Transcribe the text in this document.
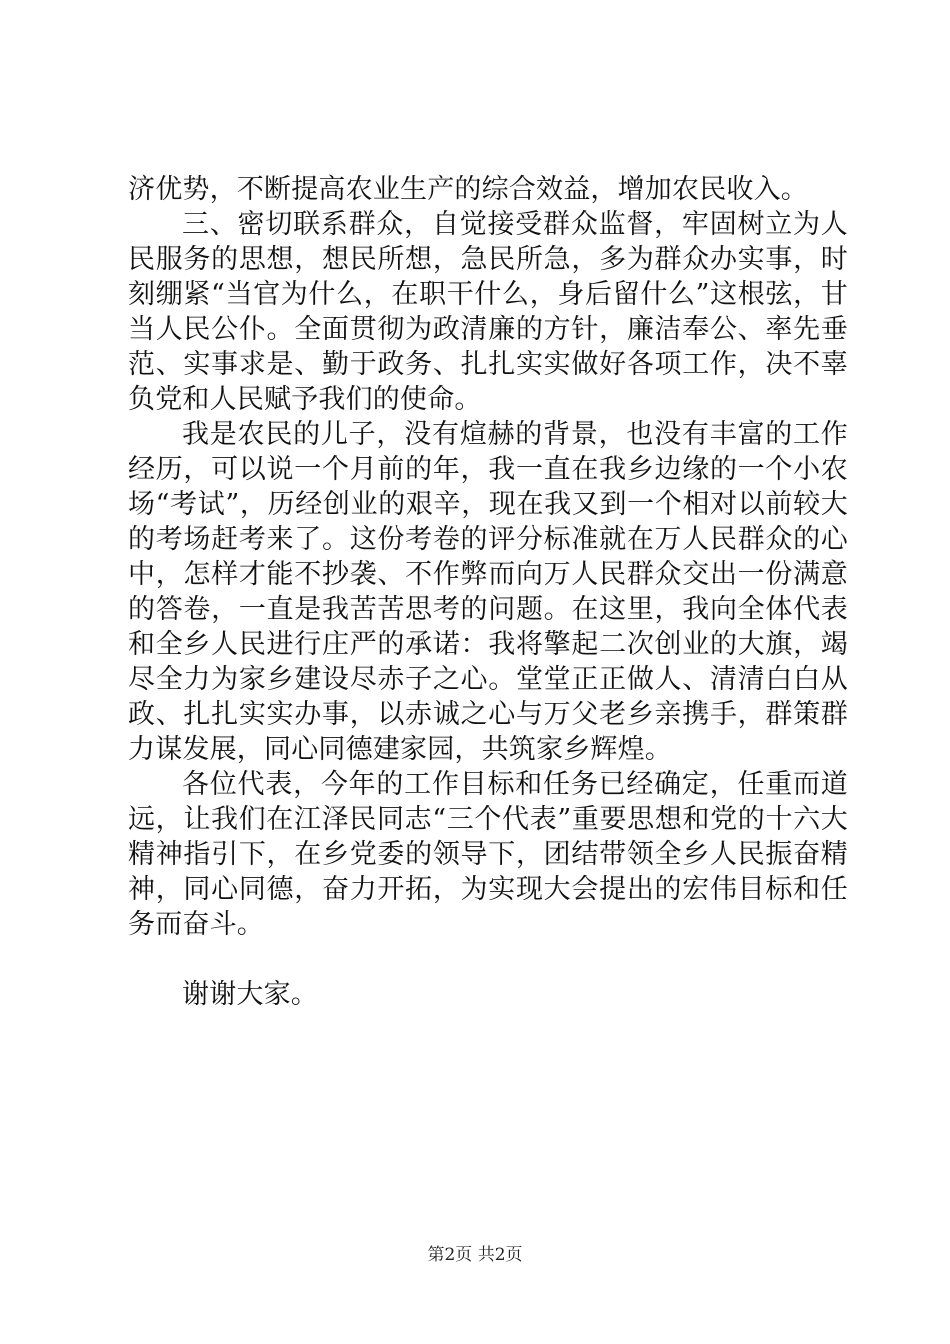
济优势，不断提高农业生产的综合效益，增加农民收入。

三、密切联系群众，自觉接受群众监督，牢固树立为人民服务的思想，想民所想，急民所急，多为群众办实事，时刻绷紧“当官为什么，在职干什么，身后留什么”这根弦，甘当人民公仆。全面贯彻为政清廉的方针，廉洁奉公、率先垂范、实事求是、勤于政务、扎扎实实做好各项工作，决不辜负党和人民赋予我们的使命。

我是农民的儿子，没有煊赫的背景，也没有丰富的工作经历，可以说一个月前的年，我一直在我乡边缘的一个小农场“考试”，历经创业的艰辛，现在我又到一个相对以前较大的考场赶考来了。这份考卷的评分标准就在万人民群众的心中，怎样才能不抄袭、不作弊而向万人民群众交出一份满意的答卷，一直是我苦苦思考的问题。在这里，我向全体代表和全乡人民进行庄严的承诺：我将擎起二次创业的大旗，竭尽全力为家乡建设尽赤子之心。堂堂正正做人、清清白白从政、扎扎实实办事，以赤诚之心与万父老乡亲携手，群策群力谋发展，同心同德建家园，共筑家乡辉煌。

各位代表，今年的工作目标和任务已经确定，任重而道远，让我们在江泽民同志“三个代表”重要思想和党的十六大精神指引下，在乡党委的领导下，团结带领全乡人民振奋精神，同心同德，奋力开拓，为实现大会提出的宏伟目标和任务而奋斗。

谢谢大家。

第2页 共2页
